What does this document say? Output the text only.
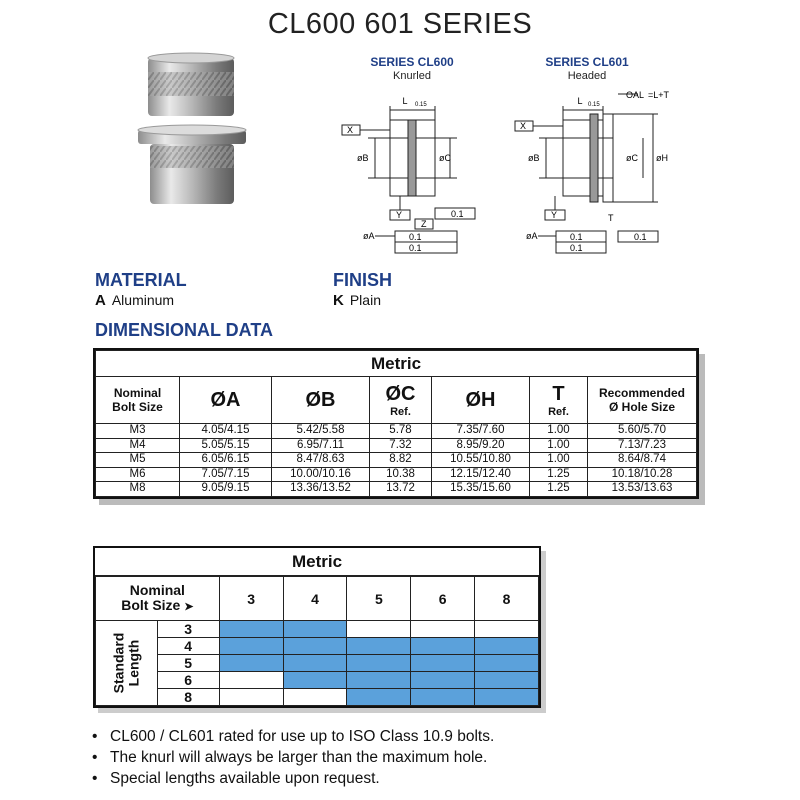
CL600 601 SERIES
SERIES CL600
Knurled
SERIES CL601
Headed
L 0.15
X
øB	øC
Y
Z
0.1
øA	0.1
0.1
L 0.15
OAL =L+T
X
øB	øC øH
Y	T
øA	0.1
0.1
0.1
MATERIAL
A Aluminum
FINISH
K Plain
DIMENSIONAL DATA
Metric						
Nominal
Bolt Size	ØA	ØB	ØC
Ref.	ØH	T
Ref.	Recommended
Ø Hole Size
M3	4.05/4.15	5.42/5.58	5.78	7.35/7.60	1.00	5.60/5.70
M4	5.05/5.15	6.95/7.11	7.32	8.95/9.20	1.00	7.13/7.23
M5	6.05/6.15	8.47/8.63	8.82	10.55/10.80	1.00	8.64/8.74
M6	7.05/7.15	10.00/10.16	10.38	12.15/12.40	1.25	10.18/10.28
M8	9.05/9.15	13.36/13.52	13.72	15.35/15.60	1.25	13.53/13.63
Metric
Nominal
Bolt Size ➤		3	4	5	6	8

Standard
Length	3					
	4					
	5					
	6					
	8					
• CL600 / CL601 rated for use up to ISO Class 10.9 bolts.
• The knurl will always be larger than the maximum hole.
• Special lengths available upon request.
